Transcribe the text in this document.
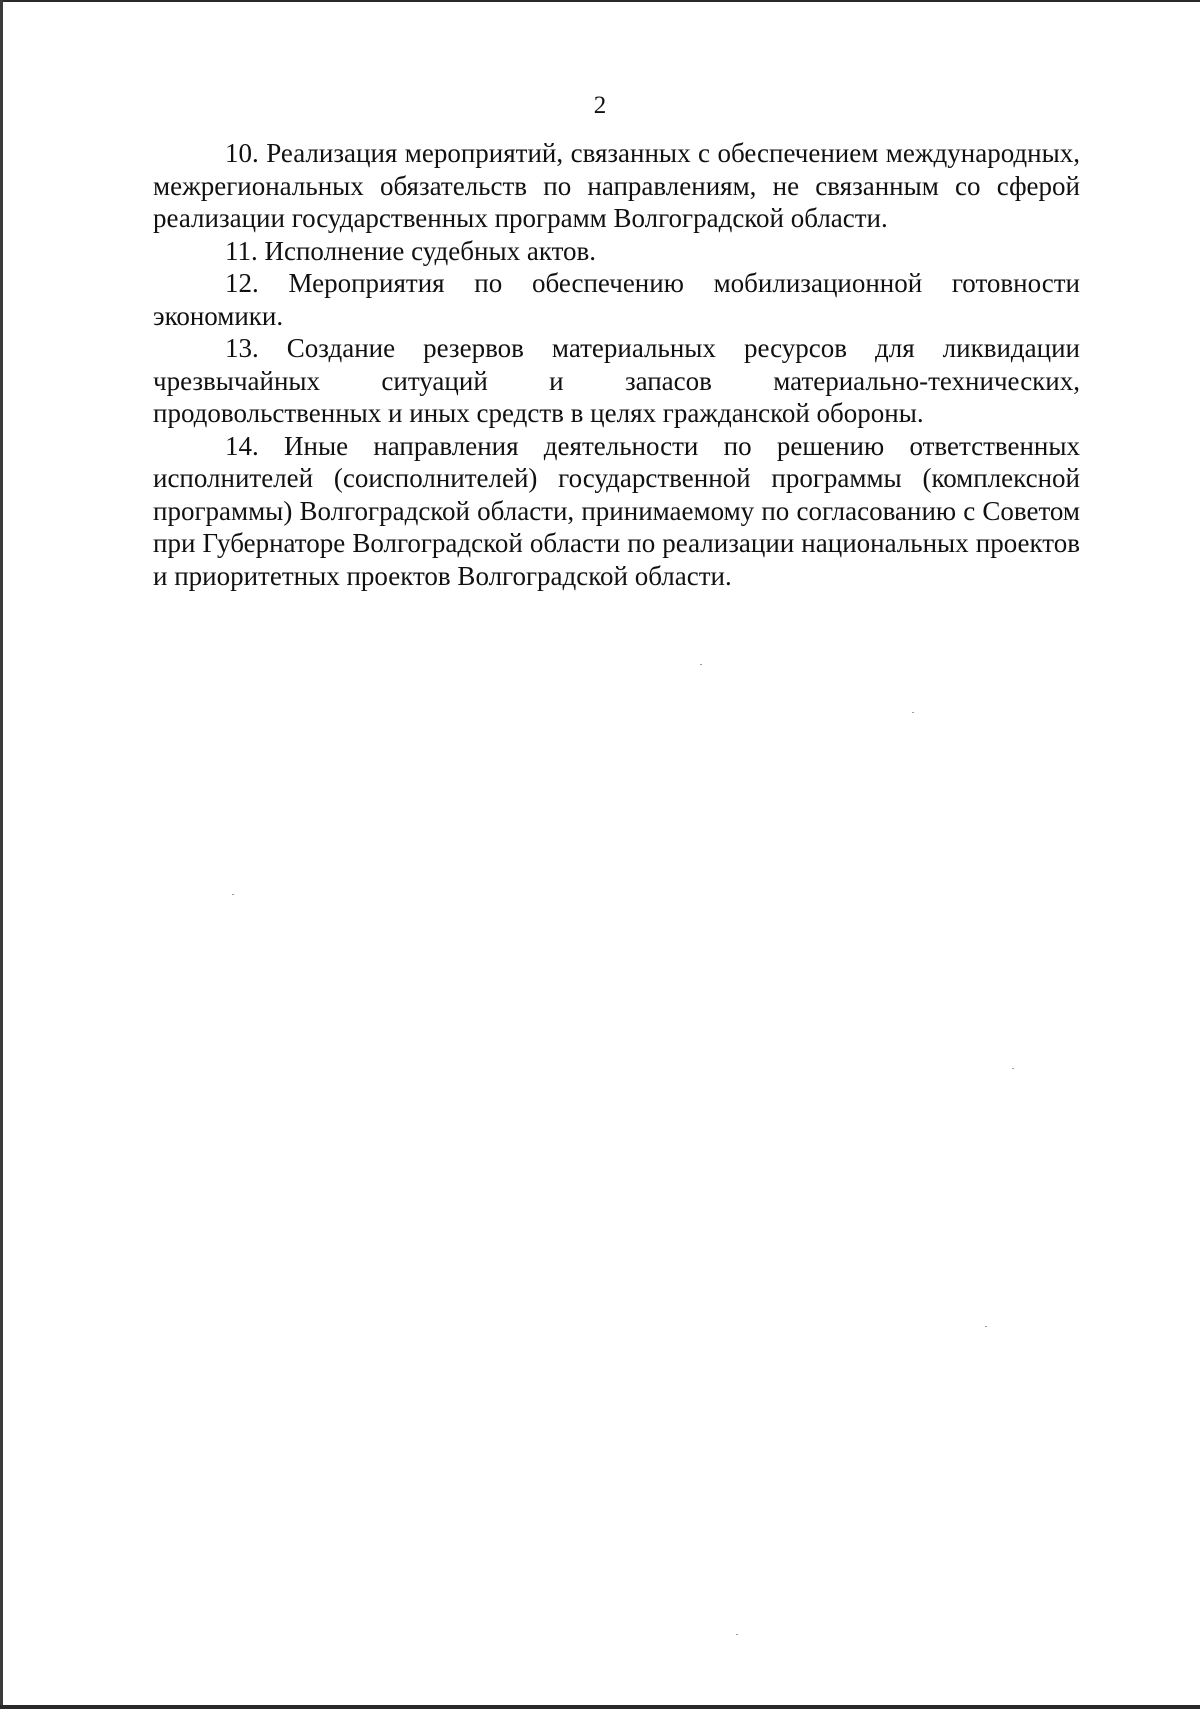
2

10. Реализация мероприятий, связанных с обеспечением международных, межрегиональных обязательств по направлениям, не связанным со сферой реализации государственных программ Волгоградской области.

11. Исполнение судебных актов.

12. Мероприятия по обеспечению мобилизационной готовности экономики.

13. Создание резервов материальных ресурсов для ликвидации чрезвычайных ситуаций и запасов материально-технических, продовольственных и иных средств в целях гражданской обороны.

14. Иные направления деятельности по решению ответственных исполнителей (соисполнителей) государственной программы (комплексной программы) Волгоградской области, принимаемому по согласованию с Советом при Губернаторе Волгоградской области по реализации национальных проектов и приоритетных проектов Волгоградской области.
